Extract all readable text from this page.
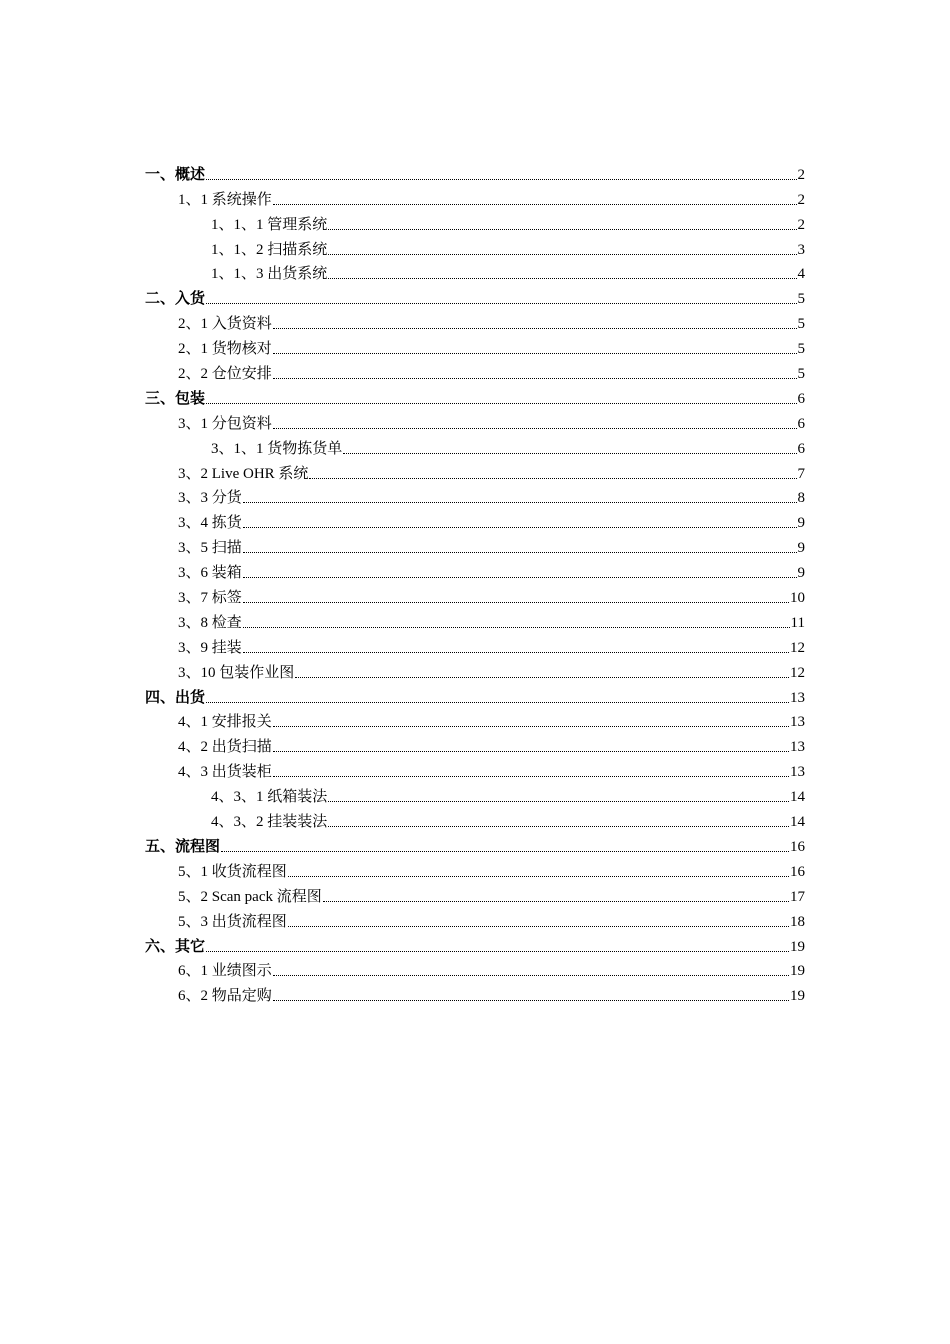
一、概述	2
1、1 系统操作	2
1、1、1 管理系统	2
1、1、2 扫描系统	3
1、1、3 出货系统	4
二、入货	5
2、1 入货资料	5
2、1 货物核对	5
2、2 仓位安排	5
三、包装	6
3、1 分包资料	6
3、1、1 货物拣货单	6
3、2 Live OHR 系统	7
3、3 分货	8
3、4 拣货	9
3、5 扫描	9
3、6 装箱	9
3、7 标签	10
3、8 检查	11
3、9 挂装	12
3、10 包装作业图	12
四、出货	13
4、1 安排报关	13
4、2 出货扫描	13
4、3 出货装柜	13
4、3、1 纸箱装法	14
4、3、2 挂装装法	14
五、流程图	16
5、1 收货流程图	16
5、2 Scan pack 流程图	17
5、3 出货流程图	18
六、其它	19
6、1 业绩图示	19
6、2 物品定购	19
